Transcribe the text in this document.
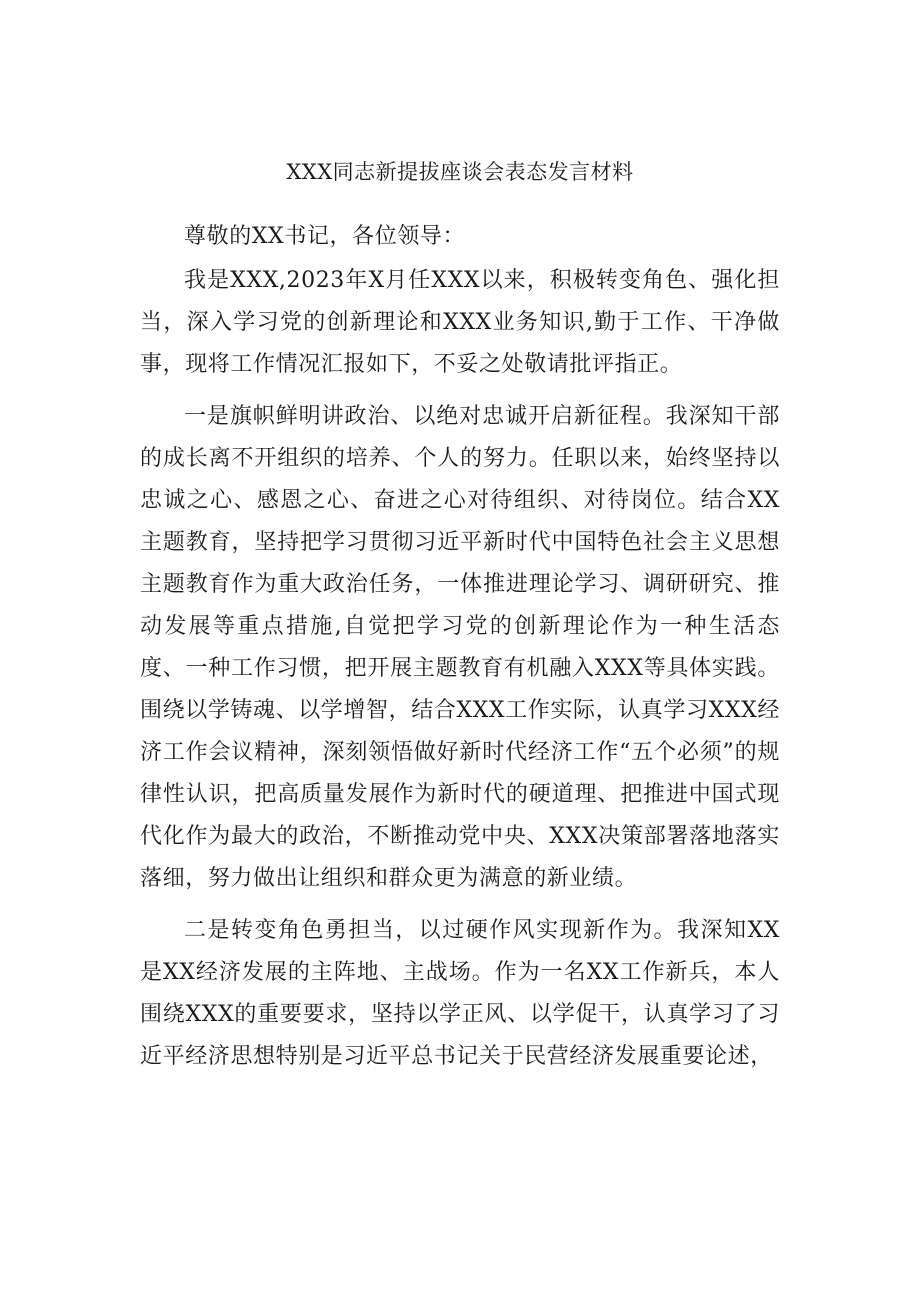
XXX同志新提拔座谈会表态发言材料

尊敬的XX书记，各位领导：

我是XXX,2023年X月任XXX以来，积极转变角色、强化担当，深入学习党的创新理论和XXX业务知识,勤于工作、干净做事，现将工作情况汇报如下，不妥之处敬请批评指正。

一是旗帜鲜明讲政治、以绝对忠诚开启新征程。我深知干部的成长离不开组织的培养、个人的努力。任职以来，始终坚持以忠诚之心、感恩之心、奋进之心对待组织、对待岗位。结合XX主题教育，坚持把学习贯彻习近平新时代中国特色社会主义思想主题教育作为重大政治任务，一体推进理论学习、调研研究、推动发展等重点措施,自觉把学习党的创新理论作为一种生活态度、一种工作习惯，把开展主题教育有机融入XXX等具体实践。围绕以学铸魂、以学增智，结合XXX工作实际，认真学习XXX经济工作会议精神，深刻领悟做好新时代经济工作“五个必须”的规律性认识，把高质量发展作为新时代的硬道理、把推进中国式现代化作为最大的政治，不断推动党中央、XXX决策部署落地落实落细，努力做出让组织和群众更为满意的新业绩。

二是转变角色勇担当，以过硬作风实现新作为。我深知XX是XX经济发展的主阵地、主战场。作为一名XX工作新兵，本人围绕XXX的重要要求，坚持以学正风、以学促干，认真学习了习近平经济思想特别是习近平总书记关于民营经济发展重要论述，
